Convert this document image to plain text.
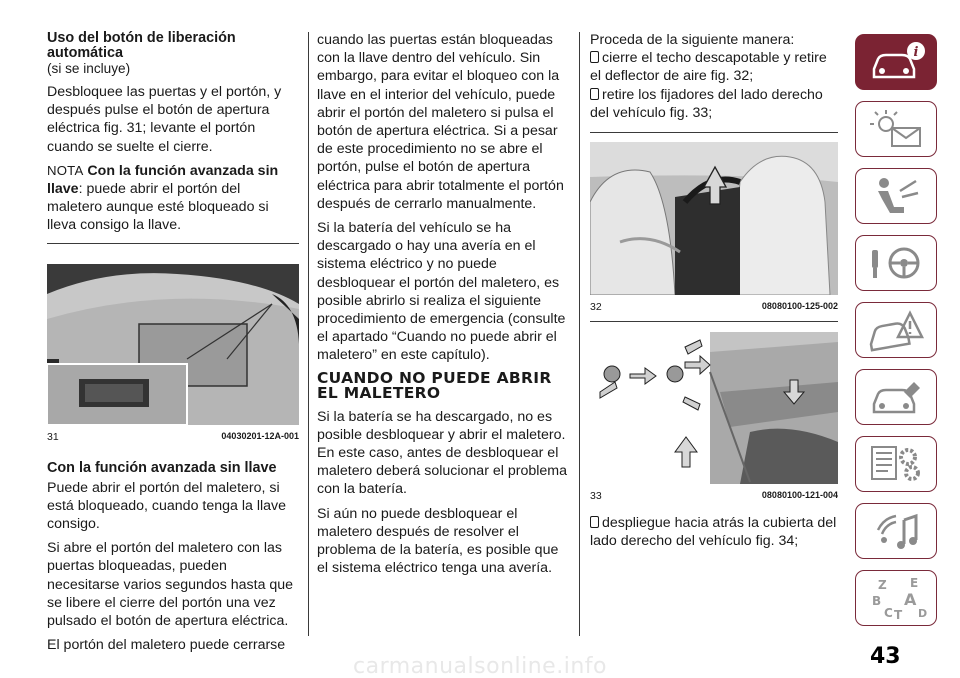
Uso del botón de liberación automática
(si se incluye)

Desbloquee las puertas y el portón, y después pulse el botón de apertura eléctrica fig. 31; levante el portón cuando se suelte el cierre.

NOTA Con la función avanzada sin llave: puede abrir el portón del maletero aunque esté bloqueado si lleva consigo la llave.

31	04030201-12A-001
Con la función avanzada sin llave

Puede abrir el portón del maletero, si está bloqueado, cuando tenga la llave consigo.

Si abre el portón del maletero con las puertas bloqueadas, pueden necesitarse varios segundos hasta que se libere el cierre del portón una vez pulsado el botón de apertura eléctrica.

El portón del maletero puede cerrarse

cuando las puertas están bloqueadas con la llave dentro del vehículo. Sin embargo, para evitar el bloqueo con la llave en el interior del vehículo, puede abrir el portón del maletero si pulsa el botón de apertura eléctrica. Si a pesar de este procedimiento no se abre el portón, pulse el botón de apertura eléctrica para abrir totalmente el portón después de cerrarlo manualmente.

Si la batería del vehículo se ha descargado o hay una avería en el sistema eléctrico y no puede desbloquear el portón del maletero, es posible abrirlo si realiza el siguiente procedimiento de emergencia (consulte el apartado “Cuando no puede abrir el maletero” en este capítulo).

CUANDO NO PUEDE ABRIR EL MALETERO

Si la batería se ha descargado, no es posible desbloquear y abrir el maletero. En este caso, antes de desbloquear el maletero deberá solucionar el problema con la batería.

Si aún no puede desbloquear el maletero después de resolver el problema de la batería, es posible que el sistema eléctrico tenga una avería.

Proceda de la siguiente manera:

cierre el techo descapotable y retire el deflector de aire fig. 32;

retire los fijadores del lado derecho del vehículo fig. 33;

32	08080100-125-002
33	08080100-121-004

despliegue hacia atrás la cubierta del lado derecho del vehículo fig. 34;

i
Z E
B A
C D
T
43
carmanualsonline.info
